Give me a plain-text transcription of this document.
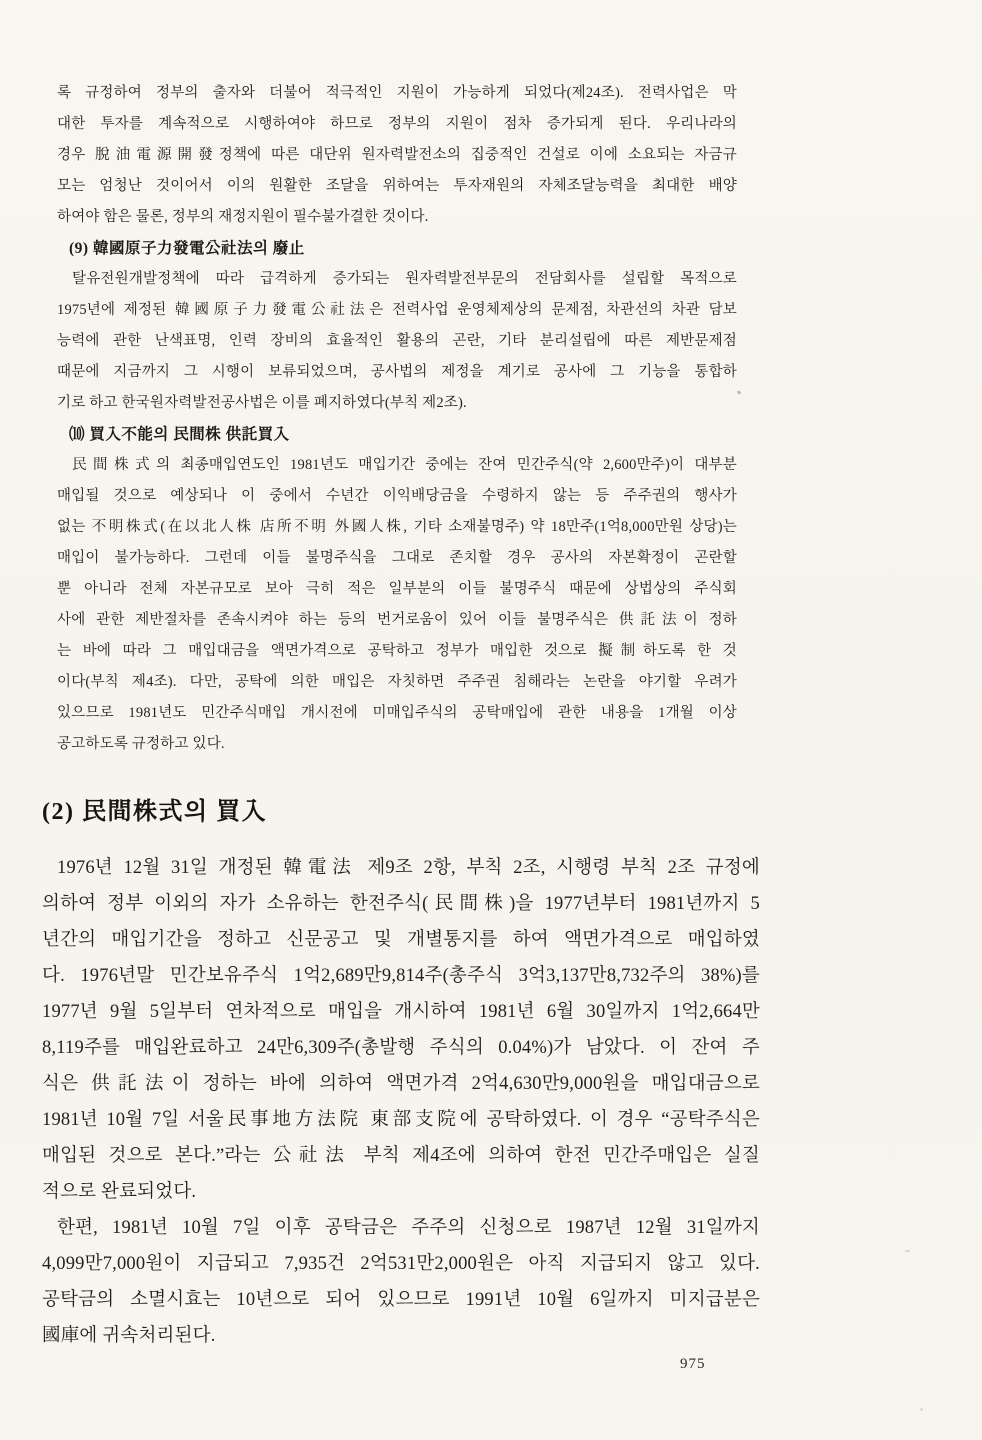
록 규정하여 정부의 출자와 더불어 적극적인 지원이 가능하게 되었다(제24조). 전력사업은 막
대한 투자를 계속적으로 시행하여야 하므로 정부의 지원이 점차 증가되게 된다. 우리나라의
경우 脫油電源開發정책에 따른 대단위 원자력발전소의 집중적인 건설로 이에 소요되는 자금규
모는 엄청난 것이어서 이의 원활한 조달을 위하여는 투자재원의 자체조달능력을 최대한 배양
하여야 함은 물론, 정부의 재정지원이 필수불가결한 것이다.
(9) 韓國原子力發電公社法의 廢止
탈유전원개발정책에 따라 급격하게 증가되는 원자력발전부문의 전담회사를 설립할 목적으로
1975년에 제정된 韓國原子力發電公社法은 전력사업 운영체제상의 문제점, 차관선의 차관 담보
능력에 관한 난색표명, 인력 장비의 효율적인 활용의 곤란, 기타 분리설립에 따른 제반문제점
때문에 지금까지 그 시행이 보류되었으며, 공사법의 제정을 계기로 공사에 그 기능을 통합하
기로 하고 한국원자력발전공사법은 이를 폐지하였다(부칙 제2조).
⑽ 買入不能의 民間株 供託買入
民間株式의 최종매입연도인 1981년도 매입기간 중에는 잔여 민간주식(약 2,600만주)이 대부분
매입될 것으로 예상되나 이 중에서 수년간 이익배당금을 수령하지 않는 등 주주권의 행사가
없는 不明株式(在以北人株 店所不明 外國人株, 기타 소재불명주) 약 18만주(1억8,000만원 상당)는
매입이 불가능하다. 그런데 이들 불명주식을 그대로 존치할 경우 공사의 자본확정이 곤란할
뿐 아니라 전체 자본규모로 보아 극히 적은 일부분의 이들 불명주식 때문에 상법상의 주식회
사에 관한 제반절차를 존속시켜야 하는 등의 번거로움이 있어 이들 불명주식은 供託法이 정하
는 바에 따라 그 매입대금을 액면가격으로 공탁하고 정부가 매입한 것으로 擬制하도록 한 것
이다(부칙 제4조). 다만, 공탁에 의한 매입은 자칫하면 주주권 침해라는 논란을 야기할 우려가
있으므로 1981년도 민간주식매입 개시전에 미매입주식의 공탁매입에 관한 내용을 1개월 이상
공고하도록 규정하고 있다.
(2) 民間株式의 買入
1976년 12월 31일 개정된 韓電法 제9조 2항, 부칙 2조, 시행령 부칙 2조 규정에
의하여 정부 이외의 자가 소유하는 한전주식(民間株)을 1977년부터 1981년까지 5
년간의 매입기간을 정하고 신문공고 및 개별통지를 하여 액면가격으로 매입하였
다. 1976년말 민간보유주식 1억2,689만9,814주(총주식 3억3,137만8,732주의 38%)를
1977년 9월 5일부터 연차적으로 매입을 개시하여 1981년 6월 30일까지 1억2,664만
8,119주를 매입완료하고 24만6,309주(총발행 주식의 0.04%)가 남았다. 이 잔여 주
식은 供託法이 정하는 바에 의하여 액면가격 2억4,630만9,000원을 매입대금으로
1981년 10월 7일 서울民事地方法院 東部支院에 공탁하였다. 이 경우 “공탁주식은
매입된 것으로 본다.”라는 公社法 부칙 제4조에 의하여 한전 민간주매입은 실질
적으로 완료되었다.
한편, 1981년 10월 7일 이후 공탁금은 주주의 신청으로 1987년 12월 31일까지
4,099만7,000원이 지급되고 7,935건 2억531만2,000원은 아직 지급되지 않고 있다.
공탁금의 소멸시효는 10년으로 되어 있으므로 1991년 10월 6일까지 미지급분은
國庫에 귀속처리된다.
975
